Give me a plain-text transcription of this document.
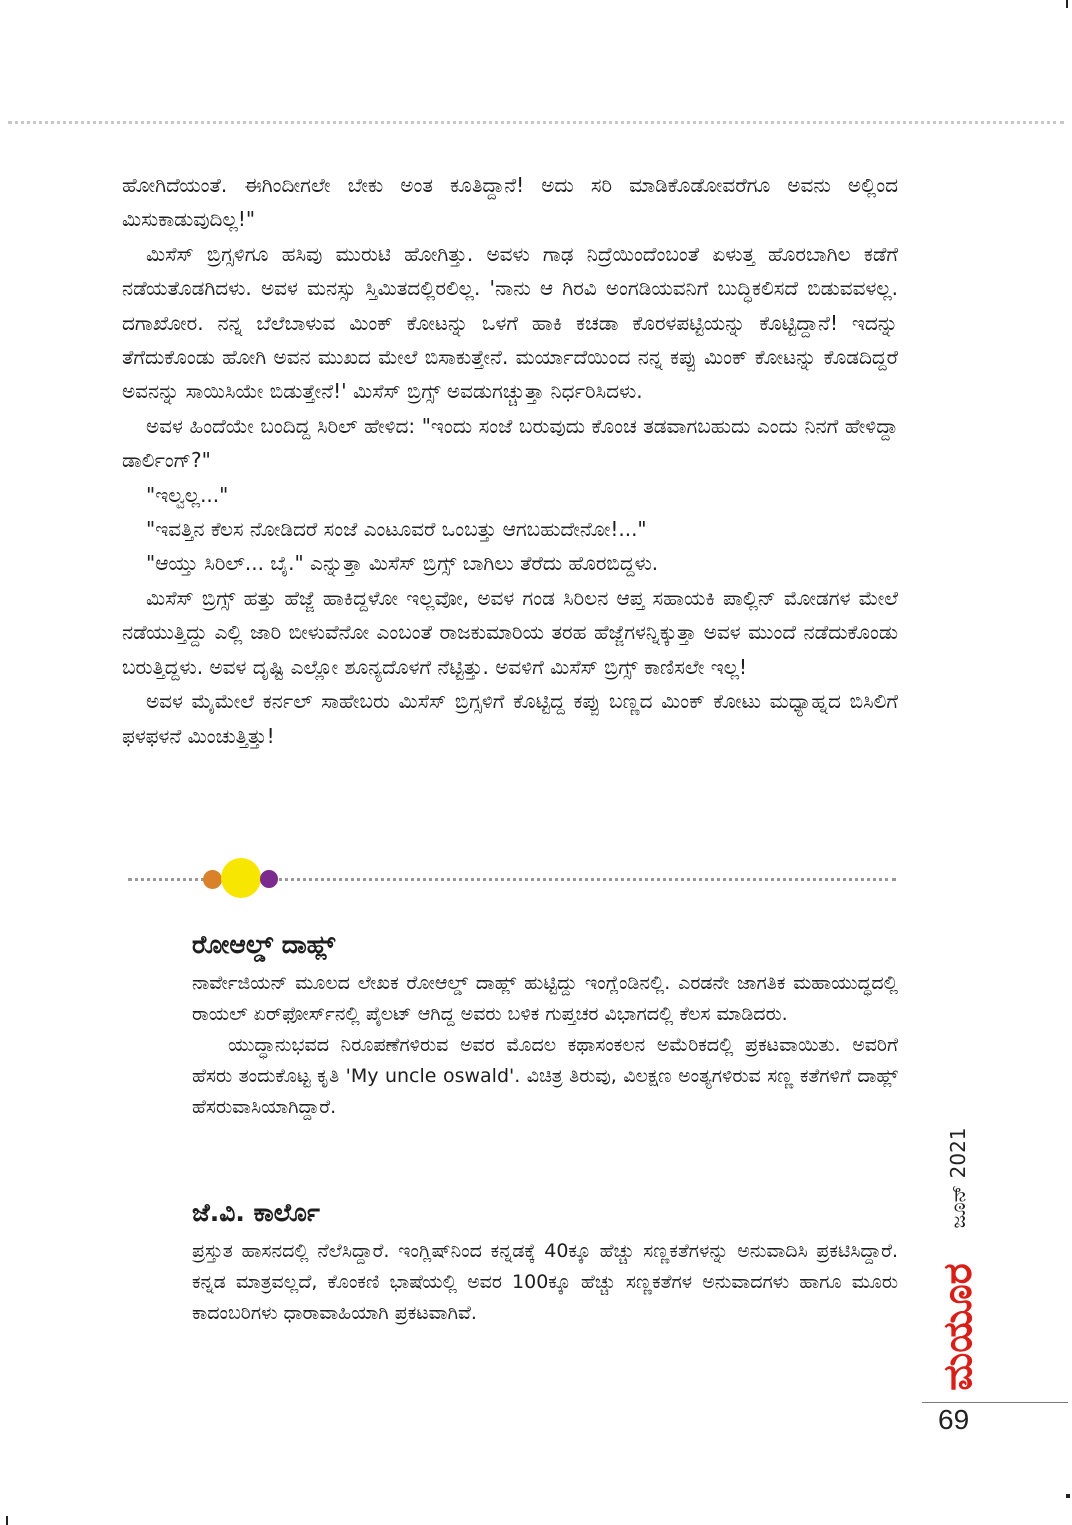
ಹೋಗಿದೆಯಂತೆ. ಈಗಿಂದೀಗಲೇ ಬೇಕು ಅಂತ ಕೂತಿದ್ದಾನೆ! ಅದು ಸರಿ ಮಾಡಿಕೊಡೋವರೆಗೂ ಅವನು ಅಲ್ಲಿಂದ ಮಿಸುಕಾಡುವುದಿಲ್ಲ!"

ಮಿಸೆಸ್ ಬ್ರಿಗ್ಸಳಿಗೂ ಹಸಿವು ಮುರುಟಿ ಹೋಗಿತ್ತು. ಅವಳು ಗಾಢ ನಿದ್ರೆಯಿಂದೆಂಬಂತೆ ಏಳುತ್ತ ಹೊರಬಾಗಿಲ ಕಡೆಗೆ ನಡೆಯತೊಡಗಿದಳು. ಅವಳ ಮನಸ್ಸು ಸ್ತಿಮಿತದಲ್ಲಿರಲಿಲ್ಲ. 'ನಾನು ಆ ಗಿರವಿ ಅಂಗಡಿಯವನಿಗೆ ಬುದ್ಧಿಕಲಿಸದೆ ಬಿಡುವವಳಲ್ಲ. ದಗಾಖೋರ. ನನ್ನ ಬೆಲೆಬಾಳುವ ಮಿಂಕ್ ಕೋಟನ್ನು ಒಳಗೆ ಹಾಕಿ ಕಚಡಾ ಕೊರಳಪಟ್ಟಿಯನ್ನು ಕೊಟ್ಟಿದ್ದಾನೆ! ಇದನ್ನು ತೆಗೆದುಕೊಂಡು ಹೋಗಿ ಅವನ ಮುಖದ ಮೇಲೆ ಬಿಸಾಕುತ್ತೇನೆ. ಮರ್ಯಾದೆಯಿಂದ ನನ್ನ ಕಪ್ಪು ಮಿಂಕ್ ಕೋಟನ್ನು ಕೊಡದಿದ್ದರೆ ಅವನನ್ನು ಸಾಯಿಸಿಯೇ ಬಿಡುತ್ತೇನೆ!' ಮಿಸೆಸ್ ಬ್ರಿಗ್ಸ್ ಅವಡುಗಚ್ಚುತ್ತಾ ನಿರ್ಧರಿಸಿದಳು.

ಅವಳ ಹಿಂದೆಯೇ ಬಂದಿದ್ದ ಸಿರಿಲ್ ಹೇಳಿದ: "ಇಂದು ಸಂಜೆ ಬರುವುದು ಕೊಂಚ ತಡವಾಗಬಹುದು ಎಂದು ನಿನಗೆ ಹೇಳಿದ್ದಾ ಡಾರ್ಲಿಂಗ್?"

"ಇಲ್ವಲ್ಲ..."

"ಇವತ್ತಿನ ಕೆಲಸ ನೋಡಿದರೆ ಸಂಜೆ ಎಂಟೂವರೆ ಒಂಬತ್ತು ಆಗಬಹುದೇನೋ!..."

"ಆಯ್ತು ಸಿರಿಲ್... ಬೈ." ಎನ್ನುತ್ತಾ ಮಿಸೆಸ್ ಬ್ರಿಗ್ಸ್ ಬಾಗಿಲು ತೆರೆದು ಹೊರಬಿದ್ದಳು.

ಮಿಸೆಸ್ ಬ್ರಿಗ್ಸ್ ಹತ್ತು ಹೆಜ್ಜೆ ಹಾಕಿದ್ದಳೋ ಇಲ್ಲವೋ, ಅವಳ ಗಂಡ ಸಿರಿಲನ ಆಪ್ತ ಸಹಾಯಕಿ ಪಾಲ್ಲಿನ್ ಮೋಡಗಳ ಮೇಲೆ ನಡೆಯುತ್ತಿದ್ದು ಎಲ್ಲಿ ಜಾರಿ ಬೀಳುವೆನೋ ಎಂಬಂತೆ ರಾಜಕುಮಾರಿಯ ತರಹ ಹೆಜ್ಜೆಗಳನ್ನಿಕ್ಕುತ್ತಾ ಅವಳ ಮುಂದೆ ನಡೆದುಕೊಂಡು ಬರುತ್ತಿದ್ದಳು. ಅವಳ ದೃಷ್ಟಿ ಎಲ್ಲೋ ಶೂನ್ಯದೊಳಗೆ ನೆಟ್ಟಿತ್ತು. ಅವಳಿಗೆ ಮಿಸೆಸ್ ಬ್ರಿಗ್ಸ್ ಕಾಣಿಸಲೇ ಇಲ್ಲ!

ಅವಳ ಮೈಮೇಲೆ ಕರ್ನಲ್ ಸಾಹೇಬರು ಮಿಸೆಸ್ ಬ್ರಿಗ್ಸಳಿಗೆ ಕೊಟ್ಟಿದ್ದ ಕಪ್ಪು ಬಣ್ಣದ ಮಿಂಕ್ ಕೋಟು ಮಧ್ಯಾಹ್ನದ ಬಿಸಿಲಿಗೆ ಫಳಫಳನೆ ಮಿಂಚುತ್ತಿತ್ತು!

ರೋಆಲ್ಡ್ ದಾಹ್ಲ್

ನಾರ್ವೇಜಿಯನ್ ಮೂಲದ ಲೇಖಕ ರೋಆಲ್ಡ್ ದಾಹ್ಲ್ ಹುಟ್ಟಿದ್ದು ಇಂಗ್ಲೆಂಡಿನಲ್ಲಿ. ಎರಡನೇ ಜಾಗತಿಕ ಮಹಾಯುದ್ಧದಲ್ಲಿ ರಾಯಲ್ ಏರ್‌ಫೋರ್ಸ್‌ನಲ್ಲಿ ಪೈಲಟ್ ಆಗಿದ್ದ ಅವರು ಬಳಿಕ ಗುಪ್ತಚರ ವಿಭಾಗದಲ್ಲಿ ಕೆಲಸ ಮಾಡಿದರು.

ಯುದ್ಧಾನುಭವದ ನಿರೂಪಣೆಗಳಿರುವ ಅವರ ಮೊದಲ ಕಥಾಸಂಕಲನ ಅಮೆರಿಕದಲ್ಲಿ ಪ್ರಕಟವಾಯಿತು. ಅವರಿಗೆ ಹೆಸರು ತಂದುಕೊಟ್ಟ ಕೃತಿ 'My uncle oswald'. ವಿಚಿತ್ರ ತಿರುವು, ವಿಲಕ್ಷಣ ಅಂತ್ಯಗಳಿರುವ ಸಣ್ಣ ಕತೆಗಳಿಗೆ ದಾಹ್ಲ್ ಹೆಸರುವಾಸಿಯಾಗಿದ್ದಾರೆ.

ಜೆ.ವಿ. ಕಾರ್ಲೊ

ಪ್ರಸ್ತುತ ಹಾಸನದಲ್ಲಿ ನೆಲೆಸಿದ್ದಾರೆ. ಇಂಗ್ಲಿಷ್‌ನಿಂದ ಕನ್ನಡಕ್ಕೆ 40ಕ್ಕೂ ಹೆಚ್ಚು ಸಣ್ಣಕತೆಗಳನ್ನು ಅನುವಾದಿಸಿ ಪ್ರಕಟಿಸಿದ್ದಾರೆ. ಕನ್ನಡ ಮಾತ್ರವಲ್ಲದೆ, ಕೊಂಕಣಿ ಭಾಷೆಯಲ್ಲಿ ಅವರ 100ಕ್ಕೂ ಹೆಚ್ಚು ಸಣ್ಣಕತೆಗಳ ಅನುವಾದಗಳು ಹಾಗೂ ಮೂರು ಕಾದಂಬರಿಗಳು ಧಾರಾವಾಹಿಯಾಗಿ ಪ್ರಕಟವಾಗಿವೆ.

ಜೂನ್ 2021
ಮಯೂರ
69
